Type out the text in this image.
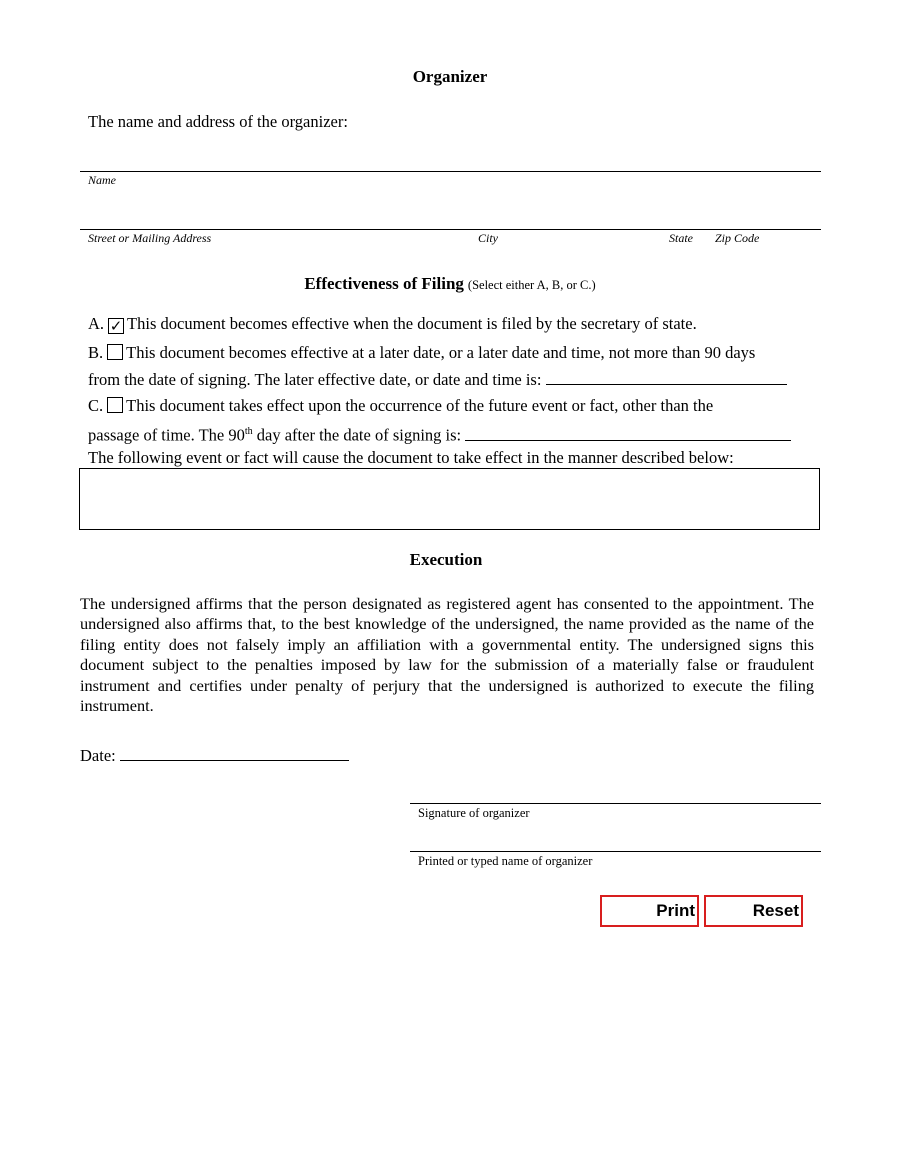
Organizer
The name and address of the organizer:
Name
Street or Mailing Address	City	State Zip Code
Effectiveness of Filing (Select either A, B, or C.)
A. ✓ This document becomes effective when the document is filed by the secretary of state.
B. This document becomes effective at a later date, or a later date and time, not more than 90 days
from the date of signing. The later effective date, or date and time is:
C. This document takes effect upon the occurrence of the future event or fact, other than the
passage of time. The 90th day after the date of signing is:
The following event or fact will cause the document to take effect in the manner described below:
Execution
The undersigned affirms that the person designated as registered agent has consented to the appointment. The undersigned also affirms that, to the best knowledge of the undersigned, the name provided as the name of the filing entity does not falsely imply an affiliation with a governmental entity. The undersigned signs this document subject to the penalties imposed by law for the submission of a materially false or fraudulent instrument and certifies under penalty of perjury that the undersigned is authorized to execute the filing instrument.
Date:
Signature of organizer
Printed or typed name of organizer
Print	Reset
